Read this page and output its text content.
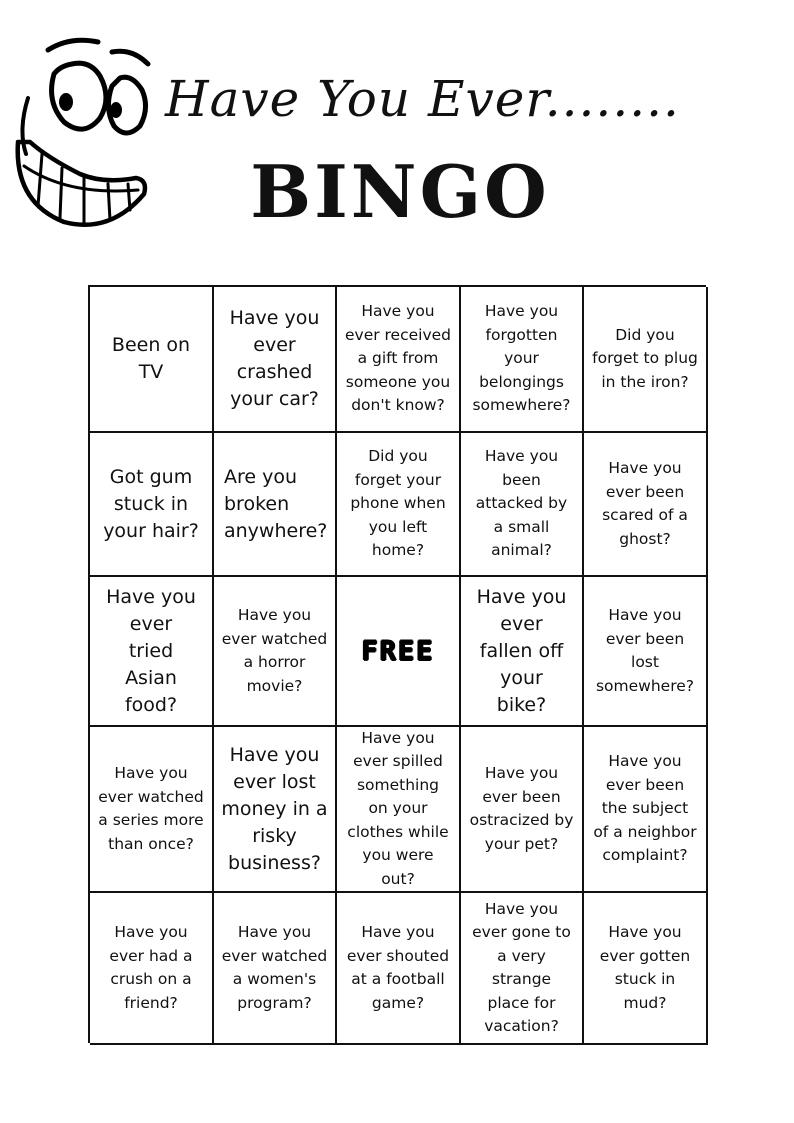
Have You Ever........
BINGO
Been on TV
Have you ever crashed your car?
Have you ever received a gift from someone you don't know?
Have you forgotten your belongings somewhere?
Did you forget to plug in the iron?
Got gum stuck in your hair?
Are you broken anywhere?
Did you forget your phone when you left home?
Have you been attacked by a small animal?
Have you ever been scared of a ghost?
Have you ever tried Asian food?
Have you ever watched a horror movie?
FREE
Have you ever fallen off your bike?
Have you ever been lost somewhere?
Have you ever watched a series more than once?
Have you ever lost money in a risky business?
Have you ever spilled something on your clothes while you were out?
Have you ever been ostracized by your pet?
Have you ever been the subject of a neighbor complaint?
Have you ever had a crush on a friend?
Have you ever watched a women's program?
Have you ever shouted at a football game?
Have you ever gone to a very strange place for vacation?
Have you ever gotten stuck in mud?
